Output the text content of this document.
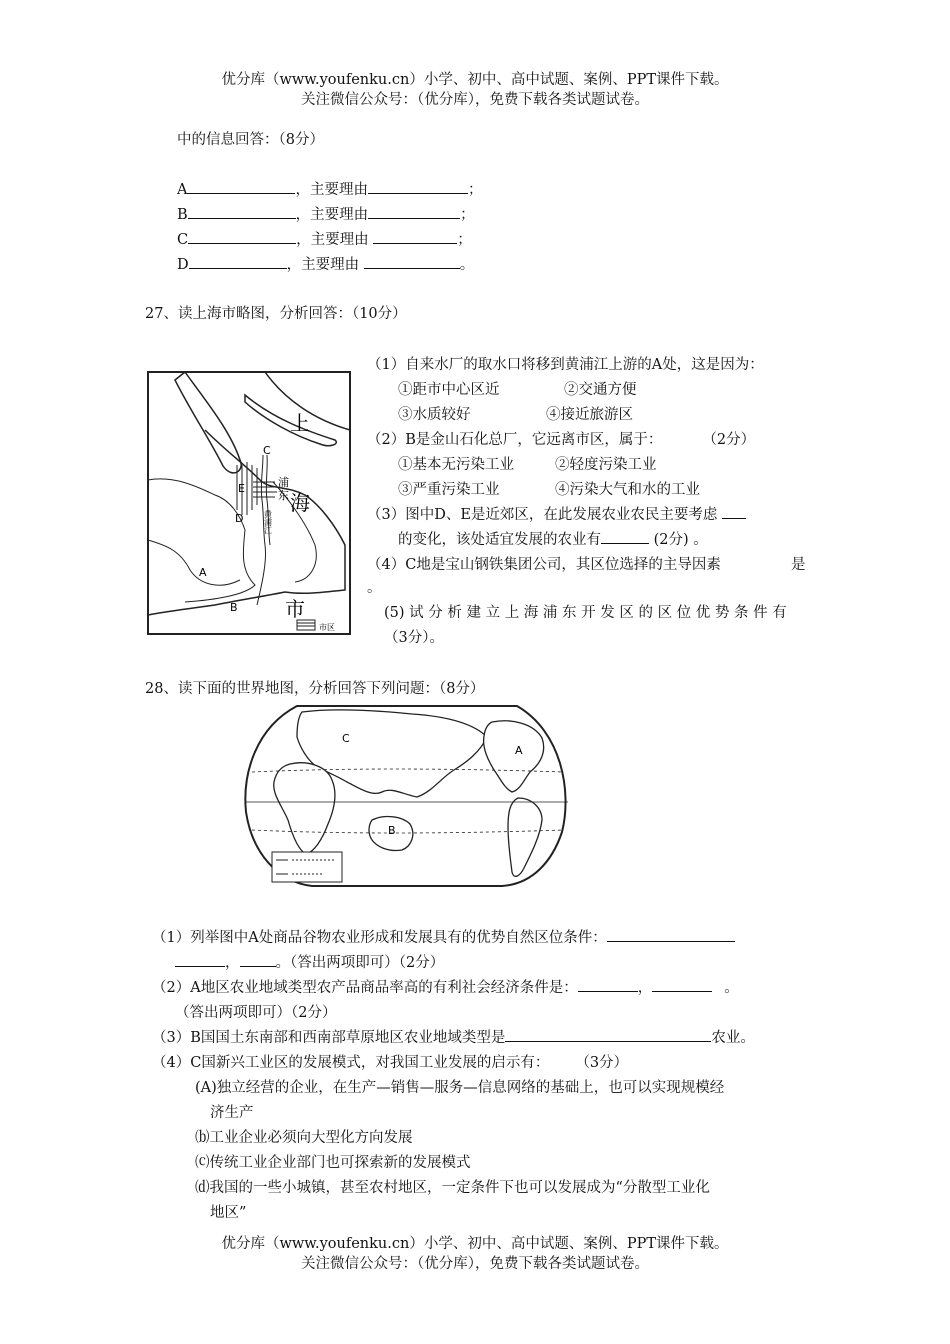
优分库（www.youfenku.cn）小学、初中、高中试题、案例、PPT课件下载。
关注微信公众号：（优分库），免费下载各类试题试卷。
中的信息回答：（8分）
A	，主要理由	；
B	，主要理由	；
C	，主要理由	；
D	，主要理由	。
27、读上海市略图，分析回答：（10分）
上
海
市
浦
东
黄浦江
市区
C
E
D
A
B
（1）自来水厂的取水口将移到黄浦江上游的A处，这是因为：
①距市中心区近	②交通方便
③水质较好	④接近旅游区
（2）B是金山石化总厂，它远离市区，属于：	（2分）
①基本无污染工业	②轻度污染工业
③严重污染工业	④污染大气和水的工业
（3）图中D、E是近郊区，在此发展农业农民主要考虑
的变化，该处适宜发展的农业有	(2分) 。
（4）C地是宝山钢铁集团公司，其区位选择的主导因素	是
。
(5) 试 分 析 建 立 上 海 浦 东 开 发 区 的 区 位 优 势 条 件 有
（3分）。
28、读下面的世界地图，分析回答下列问题：（8分）
A
B
C
（1）列举图中A处商品谷物农业形成和发展具有的优势自然区位条件：
， 。（答出两项即可）（2分）
（2）A地区农业地域类型农产品商品率高的有利社会经济条件是：	，	。
（答出两项即可）（2分）
（3）B国国土东南部和西南部草原地区农业地域类型是	农业。
（4）C国新兴工业区的发展模式，对我国工业发展的启示有： （3分）
(A)独立经营的企业，在生产—销售—服务—信息网络的基础上，也可以实现规模经
济生产
⒝工业企业必须向大型化方向发展
⒞传统工业企业部门也可探索新的发展模式
⒟我国的一些小城镇，甚至农村地区，一定条件下也可以发展成为“分散型工业化
地区”
优分库（www.youfenku.cn）小学、初中、高中试题、案例、PPT课件下载。
关注微信公众号：（优分库），免费下载各类试题试卷。
